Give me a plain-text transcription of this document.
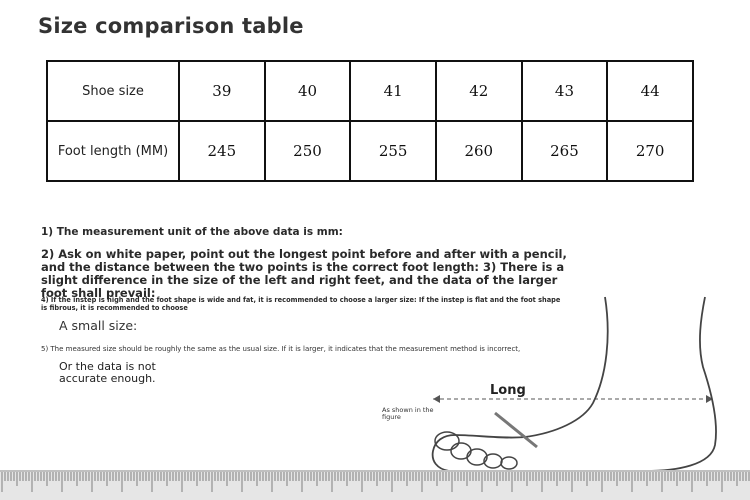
Size comparison table
Shoe size	39	40	41	42	43	44
Foot length (MM)	245	250	255	260	265	270
1) The measurement unit of the above data is mm:
2) Ask on white paper, point out the longest point before and after with a pencil, and the distance between the two points is the correct foot length: 3) There is a slight difference in the size of the left and right feet, and the data of the larger foot shall prevail:
4) If the instep is high and the foot shape is wide and fat, it is recommended to choose a larger size: If the instep is flat and the foot shape is fibrous, it is recommended to choose
A small size:
5) The measured size should be roughly the same as the usual size. If it is larger, it indicates that the measurement method is incorrect,
Or the data is not accurate enough.
Long
As shown in the figure
